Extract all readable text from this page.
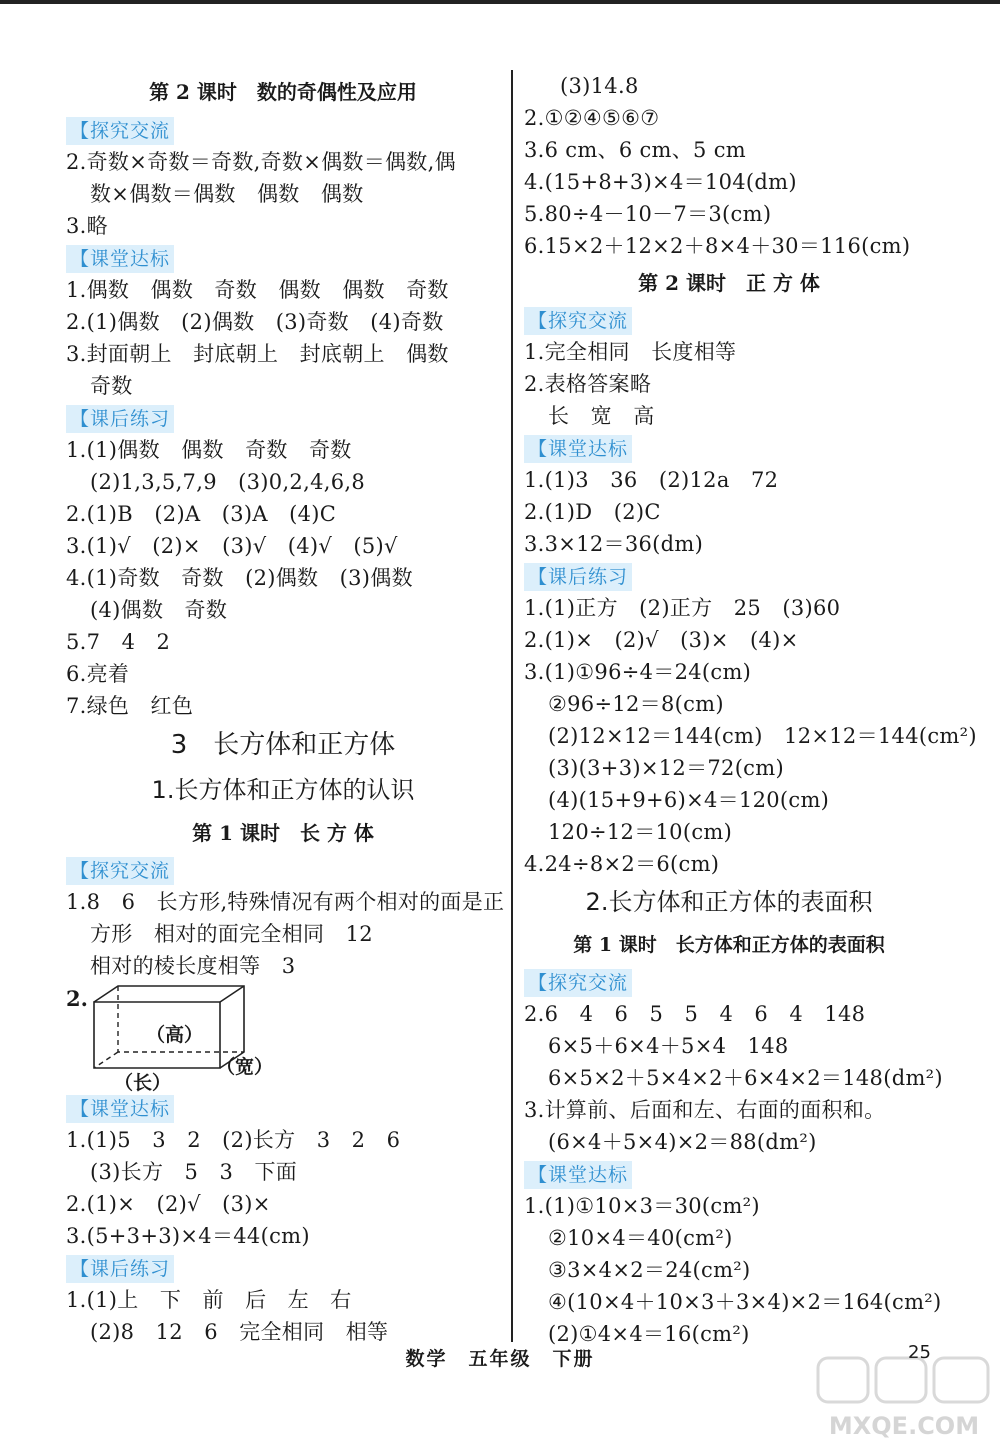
第 2 课时　数的奇偶性及应用
【探究交流
2.奇数×奇数＝奇数,奇数×偶数＝偶数,偶
数×偶数＝偶数　偶数　偶数
3.略
【课堂达标
1.偶数　偶数　奇数　偶数　偶数　奇数
2.(1)偶数　(2)偶数　(3)奇数　(4)奇数
3.封面朝上　封底朝上　封底朝上　偶数
奇数
【课后练习
1.(1)偶数　偶数　奇数　奇数
(2)1,3,5,7,9　(3)0,2,4,6,8
2.(1)B　(2)A　(3)A　(4)C
3.(1)√　(2)×　(3)√　(4)√　(5)√
4.(1)奇数　奇数　(2)偶数　(3)偶数
(4)偶数　奇数
5.7　4　2
6.亮着
7.绿色　红色
3　长方体和正方体
1.长方体和正方体的认识
第 1 课时　长 方 体
【探究交流
1.8　6　长方形,特殊情况有两个相对的面是正
方形　相对的面完全相同　12
相对的棱长度相等　3
2.
（高）
（宽）
（长）
【课堂达标
1.(1)5　3　2　(2)长方　3　2　6
(3)长方　5　3　下面
2.(1)×　(2)√　(3)×
3.(5+3+3)×4＝44(cm)
【课后练习
1.(1)上　下　前　后　左　右
(2)8　12　6　完全相同　相等
(3)14.8
2.①②④⑤⑥⑦
3.6 cm、6 cm、5 cm
4.(15+8+3)×4＝104(dm)
5.80÷4－10－7＝3(cm)
6.15×2＋12×2＋8×4＋30＝116(cm)
第 2 课时　正 方 体
【探究交流
1.完全相同　长度相等
2.表格答案略
长　宽　高
【课堂达标
1.(1)3　36　(2)12a　72
2.(1)D　(2)C
3.3×12＝36(dm)
【课后练习
1.(1)正方　(2)正方　25　(3)60
2.(1)×　(2)√　(3)×　(4)×
3.(1)①96÷4＝24(cm)
②96÷12＝8(cm)
(2)12×12＝144(cm)　12×12＝144(cm²)
(3)(3+3)×12＝72(cm)
(4)(15+9+6)×4＝120(cm)
120÷12＝10(cm)
4.24÷8×2＝6(cm)
2.长方体和正方体的表面积
第 1 课时　长方体和正方体的表面积
【探究交流
2.6　4　6　5　5　4　6　4　148
6×5＋6×4＋5×4　148
6×5×2＋5×4×2＋6×4×2＝148(dm²)
3.计算前、后面和左、右面的面积和。
(6×4＋5×4)×2＝88(dm²)
【课堂达标
1.(1)①10×3＝30(cm²)
②10×4＝40(cm²)
③3×4×2＝24(cm²)
④(10×4＋10×3＋3×4)×2＝164(cm²)
(2)①4×4＝16(cm²)
数学　五年级　下册	25
MXQE.COM
